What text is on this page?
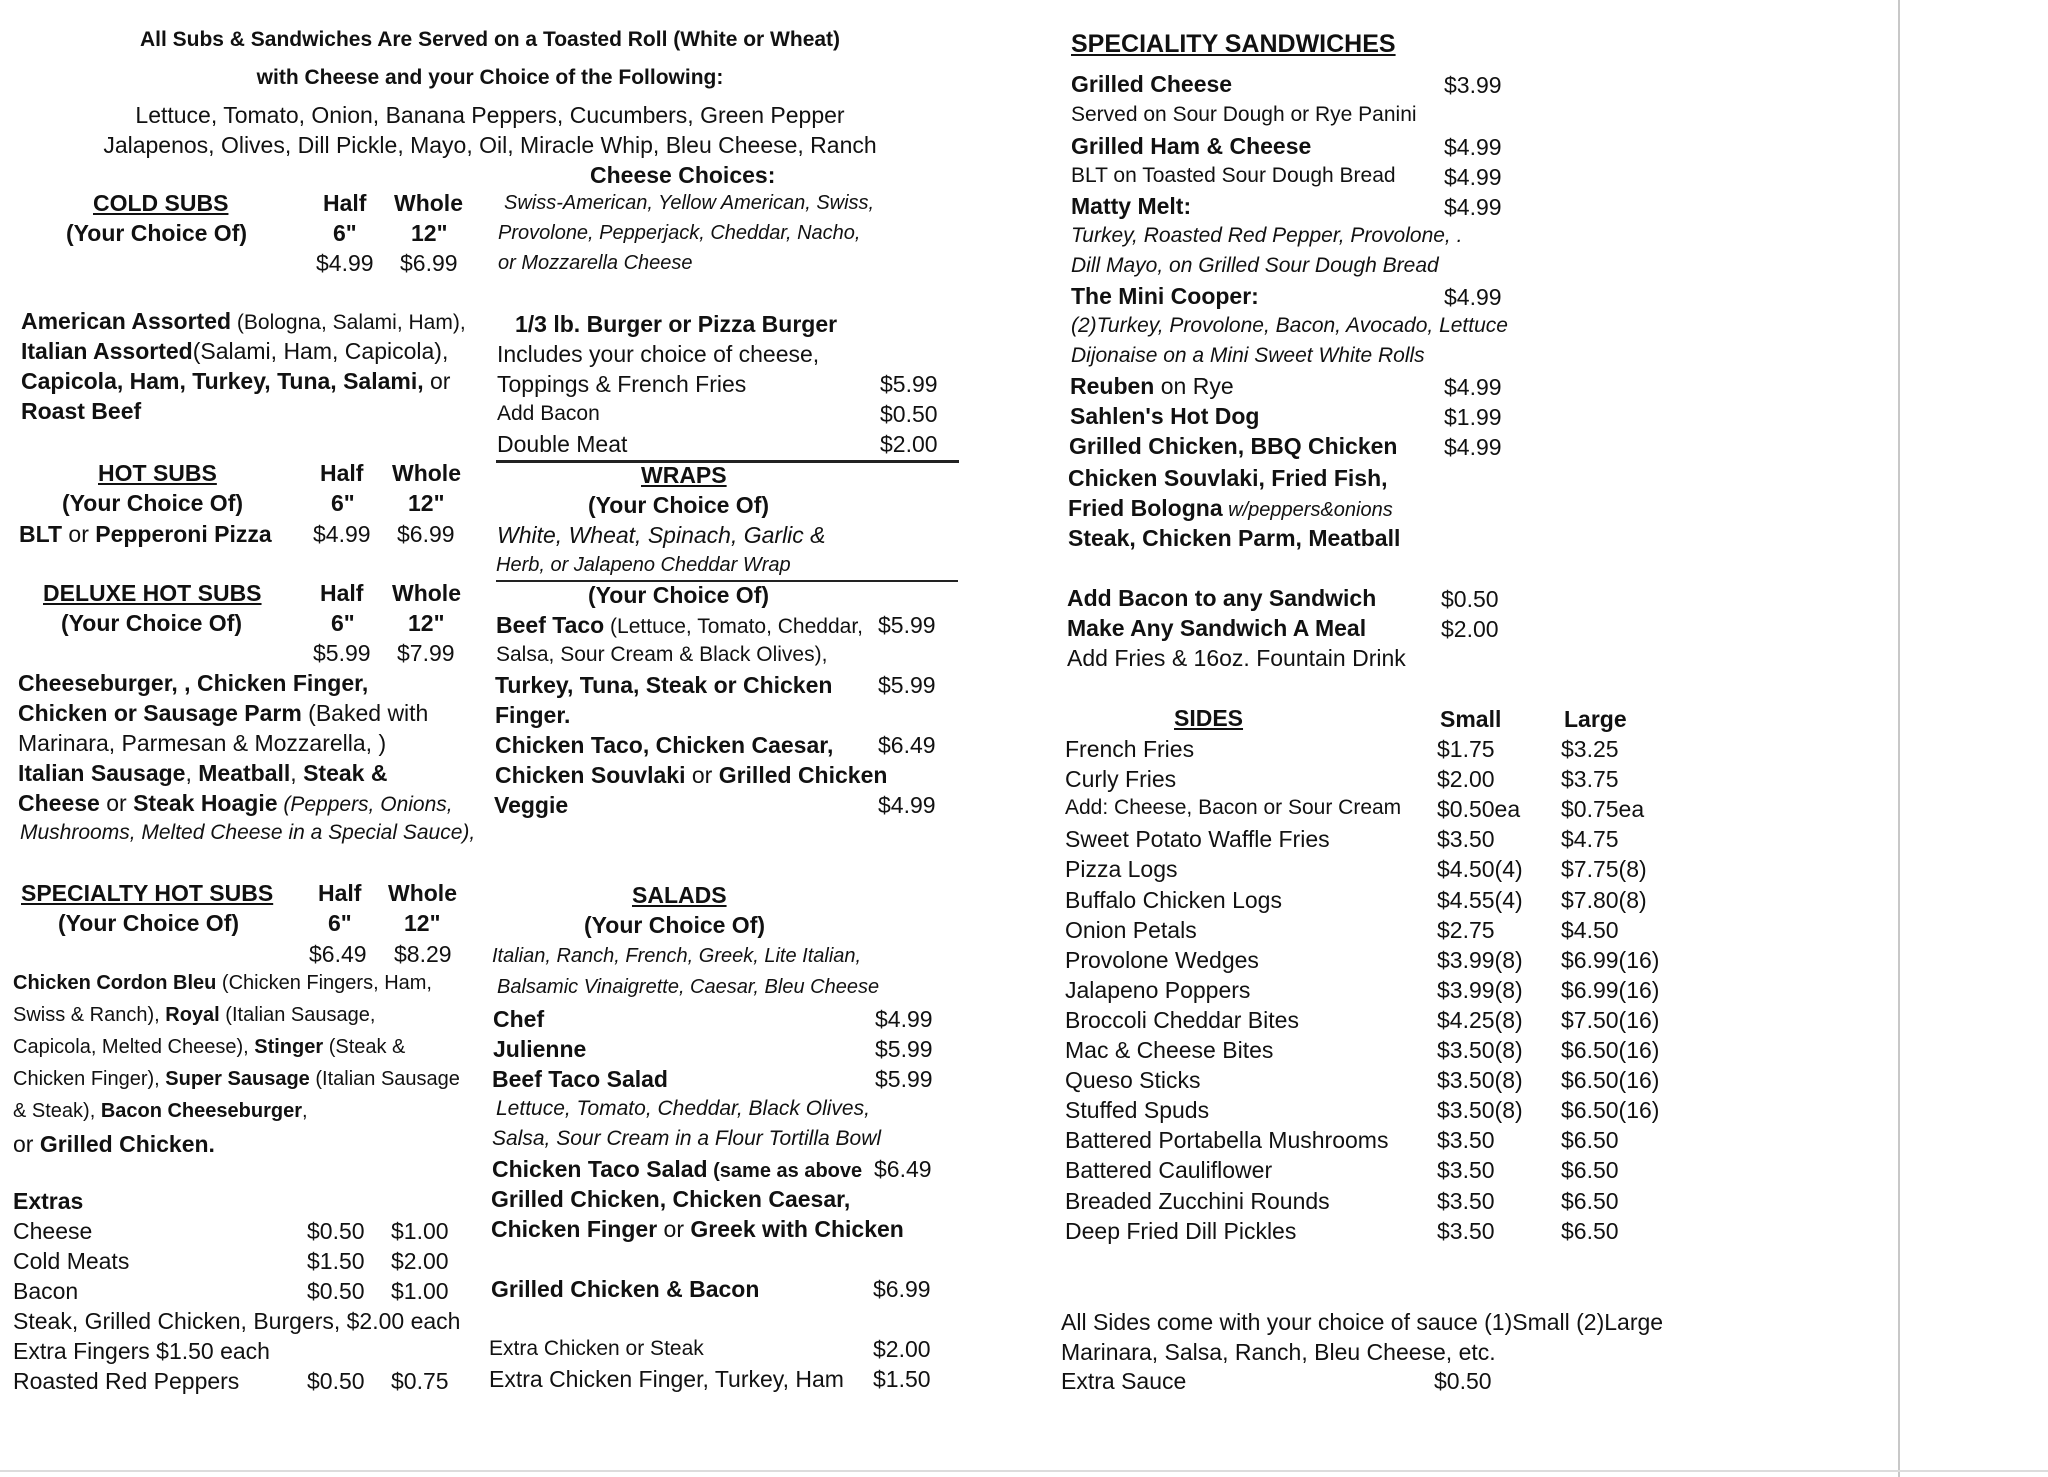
All Subs & Sandwiches Are Served on a Toasted Roll (White or Wheat)
with Cheese and your Choice of the Following:
Lettuce, Tomato, Onion, Banana Peppers, Cucumbers, Green Pepper
Jalapenos, Olives, Dill Pickle, Mayo, Oil, Miracle Whip, Bleu Cheese, Ranch
COLD SUBS
(Your Choice Of)
Half Whole
6" 12"
$4.99 $6.99
American Assorted (Bologna, Salami, Ham),
Italian Assorted(Salami, Ham, Capicola),
Capicola, Ham, Turkey, Tuna, Salami, or
Roast Beef
HOT SUBS
(Your Choice Of)
Half Whole
6" 12"
BLT or Pepperoni Pizza $4.99 $6.99
DELUXE HOT SUBS
(Your Choice Of)
Half Whole
6" 12"
$5.99 $7.99
Cheeseburger, , Chicken Finger,
Chicken or Sausage Parm (Baked with
Marinara, Parmesan & Mozzarella, )
Italian Sausage, Meatball, Steak &
Cheese or Steak Hoagie (Peppers, Onions,
Mushrooms, Melted Cheese in a Special Sauce),
SPECIALTY HOT SUBS
(Your Choice Of)
Half Whole
6" 12"
$6.49 $8.29
Chicken Cordon Bleu (Chicken Fingers, Ham,
Swiss & Ranch), Royal (Italian Sausage,
Capicola, Melted Cheese), Stinger (Steak &
Chicken Finger), Super Sausage (Italian Sausage
& Steak), Bacon Cheeseburger,
or Grilled Chicken.
Extras
Cheese	$0.50 $1.00
Cold Meats	$1.50 $2.00
Bacon	$0.50 $1.00
Steak, Grilled Chicken, Burgers, $2.00 each
Extra Fingers $1.50 each
Roasted Red Peppers	$0.50 $0.75
Cheese Choices:
Swiss-American, Yellow American, Swiss,
Provolone, Pepperjack, Cheddar, Nacho,
or Mozzarella Cheese
1/3 lb. Burger or Pizza Burger
Includes your choice of cheese,
Toppings & French Fries	$5.99
Add Bacon	$0.50
Double Meat	$2.00
WRAPS
(Your Choice Of)
White, Wheat, Spinach, Garlic &
Herb, or Jalapeno Cheddar Wrap
(Your Choice Of)
Beef Taco (Lettuce, Tomato, Cheddar, $5.99
Salsa, Sour Cream & Black Olives),
Turkey, Tuna, Steak or Chicken $5.99
Finger.
Chicken Taco, Chicken Caesar, $6.49
Chicken Souvlaki or Grilled Chicken
Veggie	$4.99
SALADS
(Your Choice Of)
Italian, Ranch, French, Greek, Lite Italian,
Balsamic Vinaigrette, Caesar, Bleu Cheese
Chef	$4.99
Julienne	$5.99
Beef Taco Salad	$5.99
Lettuce, Tomato, Cheddar, Black Olives,
Salsa, Sour Cream in a Flour Tortilla Bowl
Chicken Taco Salad (same as above $6.49
Grilled Chicken, Chicken Caesar,
Chicken Finger or Greek with Chicken
Grilled Chicken & Bacon	$6.99
Extra Chicken or Steak	$2.00
Extra Chicken Finger, Turkey, Ham $1.50
SPECIALITY SANDWICHES
Grilled Cheese	$3.99
Served on Sour Dough or Rye Panini
Grilled Ham & Cheese	$4.99
BLT on Toasted Sour Dough Bread $4.99
Matty Melt:	$4.99
Turkey, Roasted Red Pepper, Provolone, .
Dill Mayo, on Grilled Sour Dough Bread
The Mini Cooper:	$4.99
(2)Turkey, Provolone, Bacon, Avocado, Lettuce
Dijonaise on a Mini Sweet White Rolls
Reuben on Rye	$4.99
Sahlen's Hot Dog	$1.99
Grilled Chicken, BBQ Chicken $4.99
Chicken Souvlaki, Fried Fish,
Fried Bologna w/peppers&onions
Steak, Chicken Parm, Meatball
Add Bacon to any Sandwich	$0.50
Make Any Sandwich A Meal	$2.00
Add Fries & 16oz. Fountain Drink
SIDES	Small	Large
French Fries	$1.75	$3.25
Curly Fries	$2.00	$3.75
Add: Cheese, Bacon or Sour Cream $0.50ea $0.75ea
Sweet Potato Waffle Fries	$3.50	$4.75
Pizza Logs	$4.50(4) $7.75(8)
Buffalo Chicken Logs	$4.55(4) $7.80(8)
Onion Petals	$2.75	$4.50
Provolone Wedges	$3.99(8) $6.99(16)
Jalapeno Poppers	$3.99(8) $6.99(16)
Broccoli Cheddar Bites	$4.25(8) $7.50(16)
Mac & Cheese Bites	$3.50(8) $6.50(16)
Queso Sticks	$3.50(8) $6.50(16)
Stuffed Spuds	$3.50(8) $6.50(16)
Battered Portabella Mushrooms $3.50	$6.50
Battered Cauliflower	$3.50	$6.50
Breaded Zucchini Rounds	$3.50	$6.50
Deep Fried Dill Pickles	$3.50	$6.50
All Sides come with your choice of sauce (1)Small (2)Large
Marinara, Salsa, Ranch, Bleu Cheese, etc.
Extra Sauce	$0.50
